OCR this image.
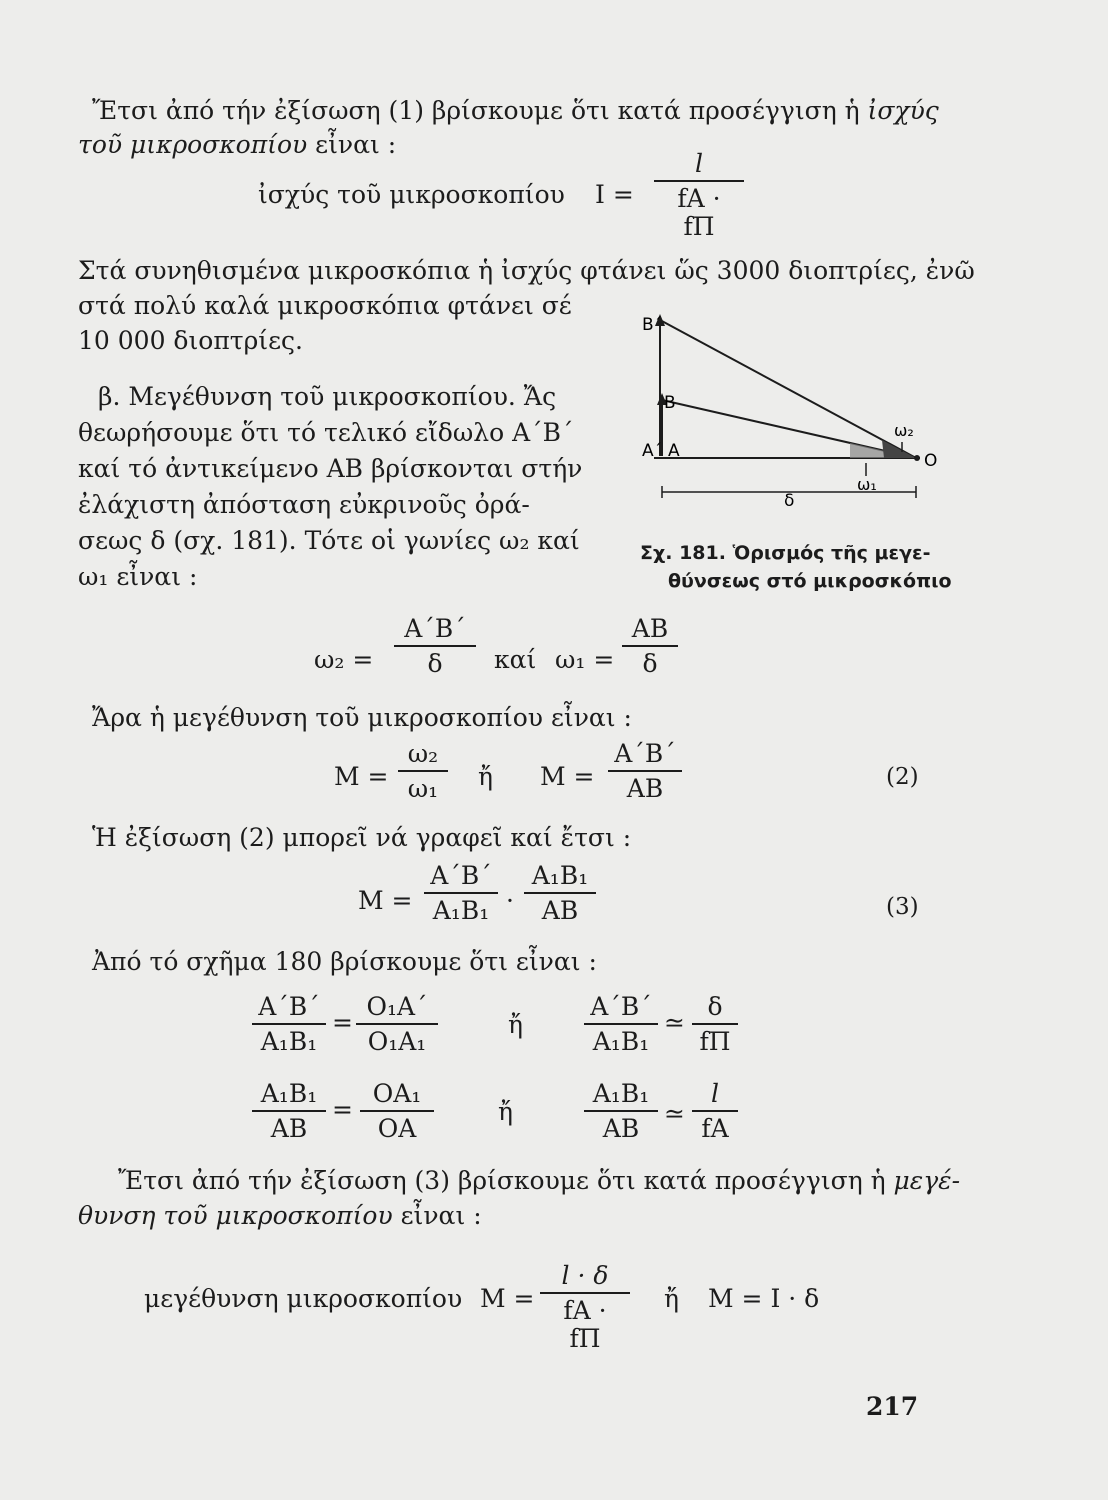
Ἔτσι ἀπό τήν ἐξίσωση (1) βρίσκουμε ὅτι κατά προσέγγιση ἡ ἰσχύς
τοῦ μικροσκοπίου εἶναι :
ἰσχύς τοῦ μικροσκοπίου $I = \frac{l}{fA \cdot f\Pi}$
Στά συνηθισμένα μικροσκόπια ἡ ἰσχύς φτάνει ὥς 3000 διοπτρίες, ἐνῶ
στά πολύ καλά μικροσκόπια φτάνει σέ
10 000 διοπτρίες.
β. Μεγέθυνση τοῦ μικροσκοπίου. Ἄς
θεωρήσουμε ὅτι τό τελικό εἴδωλο Α΄Β΄
καί τό ἀντικείμενο ΑΒ βρίσκονται στήν
ἐλάχιστη ἀπόσταση εὐκρινοῦς ὀρά-
σεως δ (σχ. 181). Τότε οἱ γωνίες ω₂ καί
ω₁ εἶναι :
Β΄
Β
Α΄ Α	Ο
ω₂
ω₁
δ
Σχ. 181. Ὁρισμός τῆς μεγε-
θύνσεως στό μικροσκόπιο
$\omega_2 = \frac{A΄B΄}{\delta}$ καί $\omega_1 = \frac{AB}{\delta}$
Ἄρα ἡ μεγέθυνση τοῦ μικροσκοπίου εἶναι :
$M = \frac{\text{ω₂}}{\text{ω₁}}$ ἤ $M = \frac{A΄B΄}{AB}$	(2)
Ἡ ἐξίσωση (2) μπορεῖ νά γραφεῖ καί ἔτσι :
$M = \frac{A΄B΄}{\text{Α₁Β₁}} \cdot \frac{\text{Α₁Β₁}}{AB}$	(3)
Ἀπό τό σχῆμα 180 βρίσκουμε ὅτι εἶναι :
$\frac{A΄B΄}{\text{Α₁Β₁}} = \frac{\text{Ο₁Α΄}}{\text{Ο₁Α₁}}$	ἤ $\frac{A΄B΄}{\text{Α₁Β₁}}$ ≃ $\frac{\delta}{f\Pi}$
$\frac{\text{Α₁Β₁}}{AB} = \frac{\text{ΟΑ₁}}{OA}$	ἤ	$\frac{\text{Α₁Β₁}}{AB}$ ≃ $\frac{l}{fA}$
Ἔτσι ἀπό τήν ἐξίσωση (3) βρίσκουμε ὅτι κατά προσέγγιση ἡ μεγέ-
θυνση τοῦ μικροσκοπίου εἶναι :
μεγέθυνση μικροσκοπίου $M = \frac{l \cdot \delta}{fA \cdot f\Pi}$ ἤ Μ = I · δ
217
